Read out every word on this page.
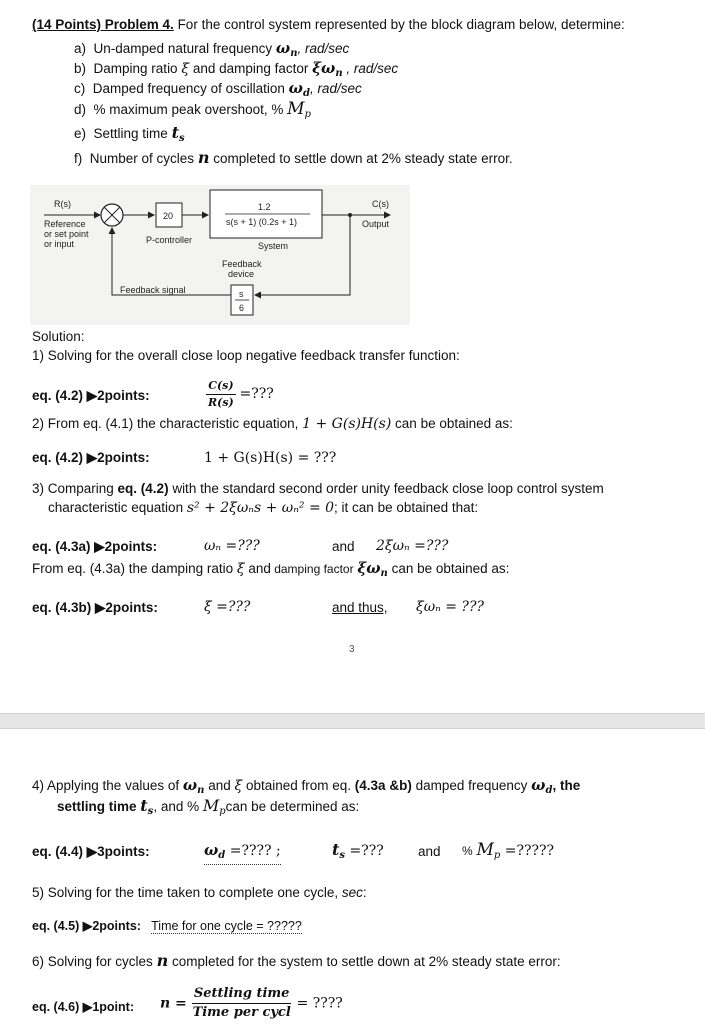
(14 Points) Problem 4. For the control system represented by the block diagram below, determine:
a) Un-damped natural frequency $\omega_n$, rad/sec
b) Damping ratio ξ and damping factor $\xi\omega_n$ , rad/sec
c) Damped frequency of oscillation $\omega_d$, rad/sec
d) % maximum peak overshoot, % $M_p$
e) Settling time $t_s$
f) Number of cycles n completed to settle down at 2% steady state error.
20
P-controller
1.2
s(s + 1) (0.2s + 1)
System
C(s)
Output
s
6
Feedback
device
Feedback signal
R(s)
Reference
or set point
or input
Solution:
1) Solving for the overall close loop negative feedback transfer function:
eq. (4.2) ▶2points:	$\frac{C(s)}{R(s)}$ =???
2) From eq. (4.1) the characteristic equation, 1 + G(s)H(s) can be obtained as:
eq. (4.2) ▶2points:	1 + G(s)H(s) = ???
3) Comparing eq. (4.2) with the standard second order unity feedback close loop control system
characteristic equation s² + 2ξωₙs + ωₙ² = 0; it can be obtained that:
eq. (4.3a) ▶2points:	ωₙ =???	and 2ξωₙ =???
From eq. (4.3a) the damping ratio ξ and damping factor $\xi\omega_n$ can be obtained as:
eq. (4.3b) ▶2points:	ξ =???	and thus, ξωₙ = ???
3
4) Applying the values of $\omega_n$ and ξ obtained from eq. (4.3a &b) damped frequency $\omega_d$, the
settling time $t_s$, and % $M_pcan$ be determined as:
eq. (4.4) ▶3points:	$\omega_d$ =???? ;	$t_s$ =???	and % $M_p$ =?????
5) Solving for the time taken to complete one cycle, sec:
eq. (4.5) ▶2points: Time for one cycle = ?????
6) Solving for cycles n completed for the system to settle down at 2% steady state error:
eq. (4.6) ▶1point: $n = \frac{\text{Settling time}}{\text{Time per cycl}}$ = ????
